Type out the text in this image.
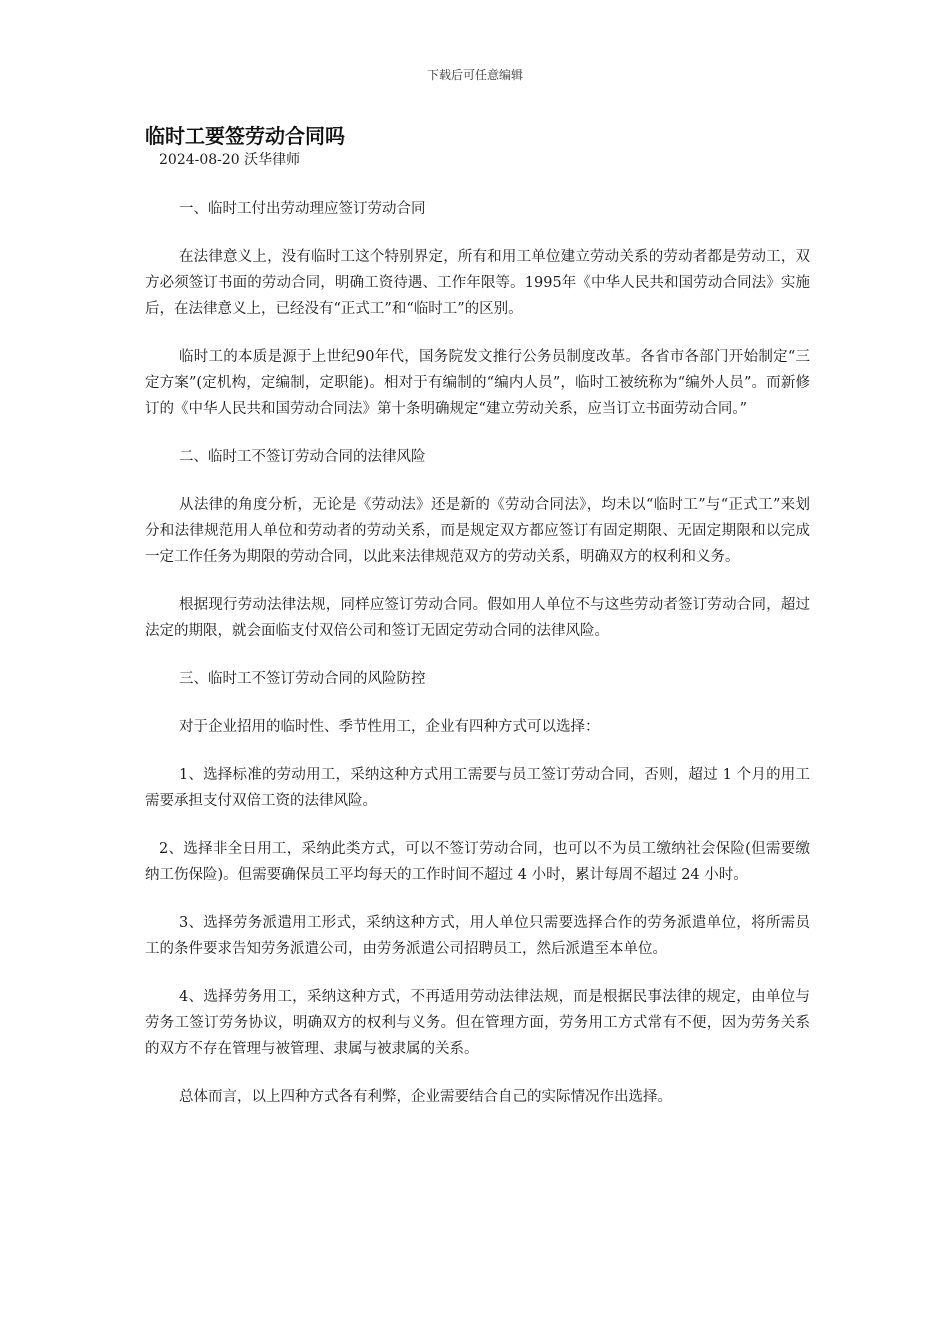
下载后可任意编辑
临时工要签劳动合同吗

2024-08-20 沃华律师

一、临时工付出劳动理应签订劳动合同

在法律意义上，没有临时工这个特别界定，所有和用工单位建立劳动关系的劳动者都是劳动工，双方必须签订书面的劳动合同，明确工资待遇、工作年限等。1995年《中华人民共和国劳动合同法》实施后，在法律意义上，已经没有“正式工”和“临时工”的区别。

临时工的本质是源于上世纪90年代，国务院发文推行公务员制度改革。各省市各部门开始制定“三定方案”(定机构，定编制，定职能)。相对于有编制的“编内人员”，临时工被统称为“编外人员”。而新修订的《中华人民共和国劳动合同法》第十条明确规定“建立劳动关系，应当订立书面劳动合同。”

二、临时工不签订劳动合同的法律风险

从法律的角度分析，无论是《劳动法》还是新的《劳动合同法》，均未以“临时工”与“正式工”来划分和法律规范用人单位和劳动者的劳动关系，而是规定双方都应签订有固定期限、无固定期限和以完成一定工作任务为期限的劳动合同，以此来法律规范双方的劳动关系，明确双方的权利和义务。

根据现行劳动法律法规，同样应签订劳动合同。假如用人单位不与这些劳动者签订劳动合同，超过法定的期限，就会面临支付双倍公司和签订无固定劳动合同的法律风险。

三、临时工不签订劳动合同的风险防控

对于企业招用的临时性、季节性用工，企业有四种方式可以选择：

1、选择标准的劳动用工，采纳这种方式用工需要与员工签订劳动合同，否则，超过 1 个月的用工需要承担支付双倍工资的法律风险。

2、选择非全日用工，采纳此类方式，可以不签订劳动合同，也可以不为员工缴纳社会保险(但需要缴纳工伤保险)。但需要确保员工平均每天的工作时间不超过 4 小时，累计每周不超过 24 小时。

3、选择劳务派遣用工形式，采纳这种方式，用人单位只需要选择合作的劳务派遣单位，将所需员工的条件要求告知劳务派遣公司，由劳务派遣公司招聘员工，然后派遣至本单位。

4、选择劳务用工，采纳这种方式，不再适用劳动法律法规，而是根据民事法律的规定，由单位与劳务工签订劳务协议，明确双方的权利与义务。但在管理方面，劳务用工方式常有不便，因为劳务关系的双方不存在管理与被管理、隶属与被隶属的关系。

总体而言，以上四种方式各有利弊，企业需要结合自己的实际情况作出选择。
